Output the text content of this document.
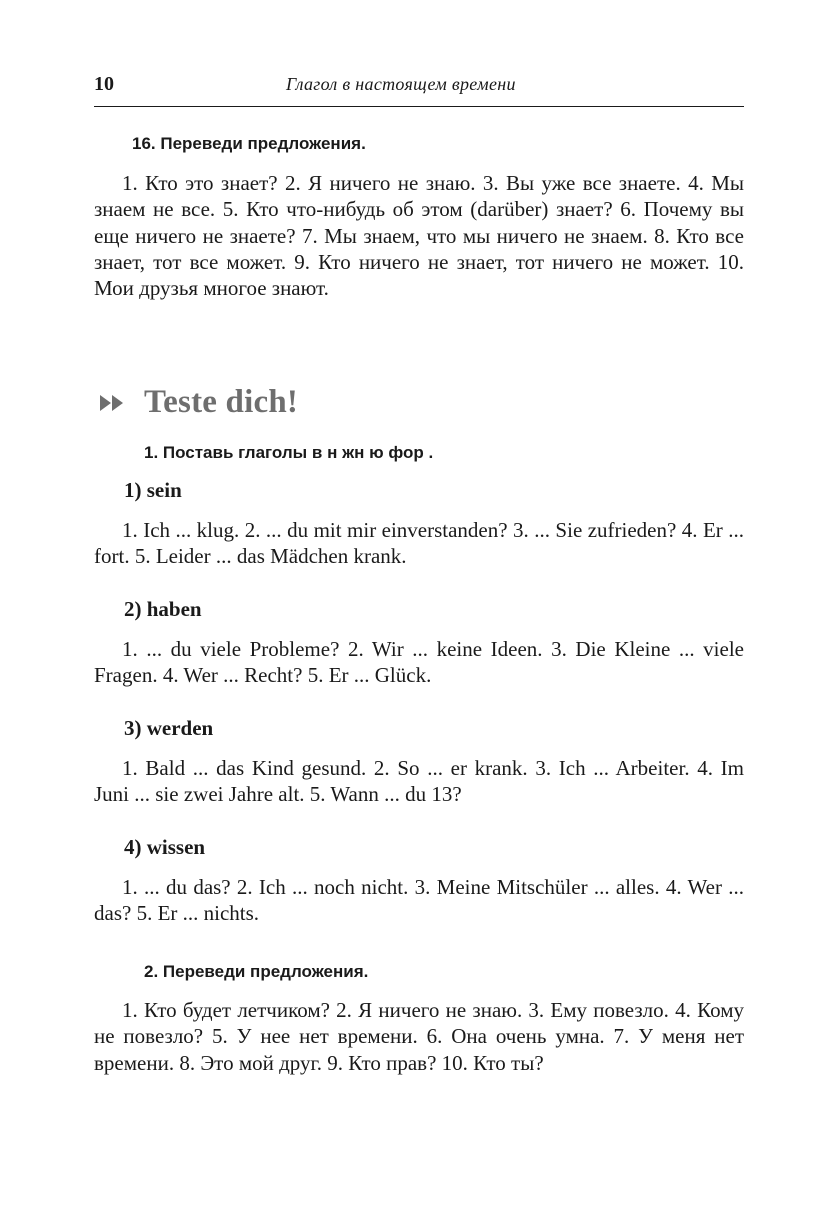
10	Глагол в настоящем времени
16. Переведи предложения.

1. Кто это знает? 2. Я ничего не знаю. 3. Вы уже все знаете. 4. Мы знаем не все. 5. Кто что-нибудь об этом (darüber) знает? 6. Почему вы еще ничего не знаете? 7. Мы знаем, что мы ничего не знаем. 8. Кто все знает, тот все может. 9. Кто ничего не знает, тот ничего не может. 10. Мои друзья многое знают.

Teste dich!
1. Поставь глаголы в н жн ю фор .
1) sein

1. Ich ... klug. 2. ... du mit mir einverstanden? 3. ... Sie zufrieden? 4. Er ... fort. 5. Leider ... das Mädchen krank.

2) haben

1. ... du viele Probleme? 2. Wir ... keine Ideen. 3. Die Kleine ... viele Fragen. 4. Wer ... Recht? 5. Er ... Glück.

3) werden

1. Bald ... das Kind gesund. 2. So ... er krank. 3. Ich ... Arbeiter. 4. Im Juni ... sie zwei Jahre alt. 5. Wann ... du 13?

4) wissen

1. ... du das? 2. Ich ... noch nicht. 3. Meine Mitschüler ... alles. 4. Wer ... das? 5. Er ... nichts.

2. Переведи предложения.

1. Кто будет летчиком? 2. Я ничего не знаю. 3. Ему повезло. 4. Кому не повезло? 5. У нее нет времени. 6. Она очень умна. 7. У меня нет времени. 8. Это мой друг. 9. Кто прав? 10. Кто ты?
